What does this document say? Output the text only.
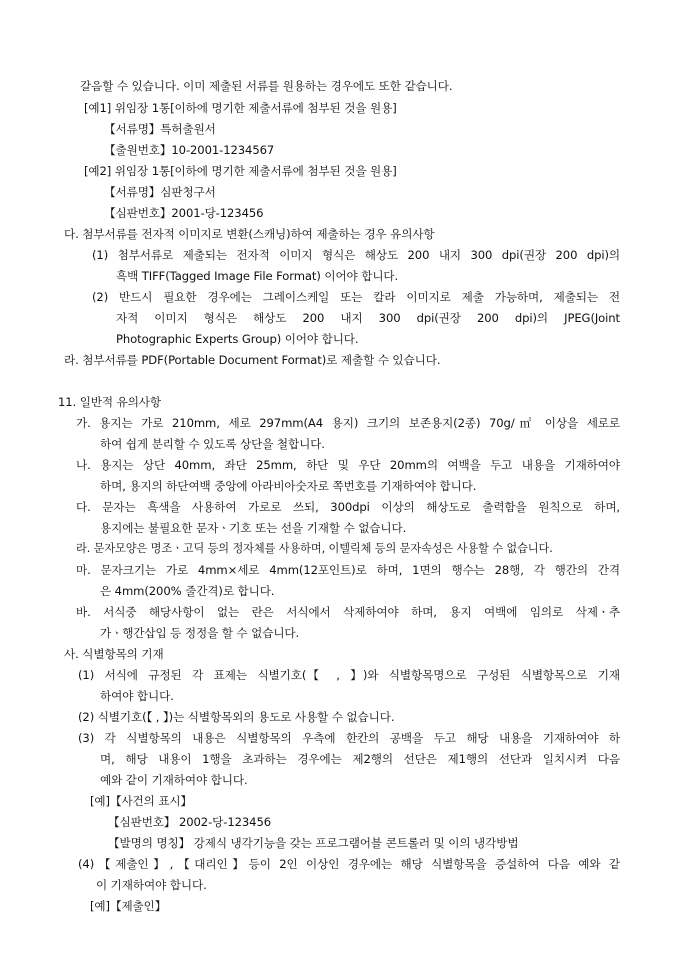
갈음할 수 있습니다. 이미 제출된 서류를 원용하는 경우에도 또한 같습니다.
[예1] 위임장 1통[이하에 명기한 제출서류에 첨부된 것을 원용]
【서류명】특허출원서
【출원번호】10-2001-1234567
[예2] 위임장 1통[이하에 명기한 제출서류에 첨부된 것을 원용]
【서류명】심판청구서
【심판번호】2001-당-123456
다. 첨부서류를 전자적 이미지로 변환(스캐닝)하여 제출하는 경우 유의사항
(1) 첨부서류로 제출되는 전자적 이미지 형식은 해상도 200 내지 300 dpi(권장 200 dpi)의
흑백 TIFF(Tagged Image File Format) 이어야 합니다.
(2) 반드시 필요한 경우에는 그레이스케일 또는 칼라 이미지로 제출 가능하며, 제출되는 전
자적 이미지 형식은 해상도 200 내지 300 dpi(권장 200 dpi)의 JPEG(Joint
Photographic Experts Group) 이어야 합니다.
라. 첨부서류를 PDF(Portable Document Format)로 제출할 수 있습니다.
11. 일반적 유의사항
가. 용지는 가로 210mm, 세로 297mm(A4 용지) 크기의 보존용지(2종) 70g/㎡ 이상을 세로로
하여 쉽게 분리할 수 있도록 상단을 철합니다.
나. 용지는 상단 40mm, 좌단 25mm, 하단 및 우단 20mm의 여백을 두고 내용을 기재하여야
하며, 용지의 하단여백 중앙에 아라비아숫자로 쪽번호를 기재하여야 합니다.
다. 문자는 흑색을 사용하여 가로로 쓰되, 300dpi 이상의 해상도로 출력함을 원칙으로 하며,
용지에는 불필요한 문자ㆍ기호 또는 선을 기재할 수 없습니다.
라. 문자모양은 명조ㆍ고딕 등의 정자체를 사용하며, 이텔릭체 등의 문자속성은 사용할 수 없습니다.
마. 문자크기는 가로 4mm×세로 4mm(12포인트)로 하며, 1면의 행수는 28행, 각 행간의 간격
은 4mm(200% 줄간격)로 합니다.
바. 서식중 해당사항이 없는 란은 서식에서 삭제하여야 하며, 용지 여백에 임의로 삭제ㆍ추
가ㆍ행간삽입 등 정정을 할 수 없습니다.
사. 식별항목의 기재
(1) 서식에 규정된 각 표제는 식별기호(【 , 】)와 식별항목명으로 구성된 식별항목으로 기재
하여야 합니다.
(2) 식별기호(【 , 】)는 식별항목외의 용도로 사용할 수 없습니다.
(3) 각 식별항목의 내용은 식별항목의 우측에 한칸의 공백을 두고 해당 내용을 기재하여야 하
며, 해당 내용이 1행을 초과하는 경우에는 제2행의 선단은 제1행의 선단과 일치시켜 다음
예와 같이 기재하여야 합니다.
[예]【사건의 표시】
【심판번호】 2002-당-123456
【발명의 명칭】 강제식 냉각기능을 갖는 프로그램어블 콘트롤러 및 이의 냉각방법
(4)【제출인】,【대리인】등이 2인 이상인 경우에는 해당 식별항목을 증설하여 다음 예와 같
이 기재하여야 합니다.
[예]【제출인】
